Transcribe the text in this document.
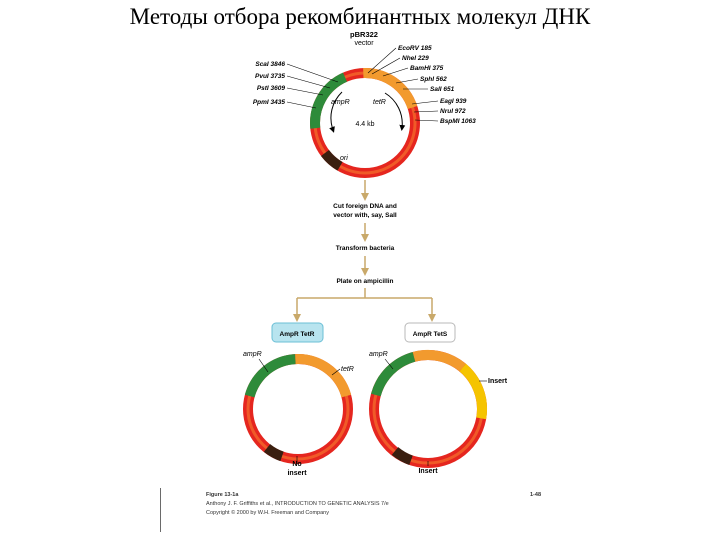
Методы отбора рекомбинантных молекул ДНК
ampR	tetR
4.4 kb
ori
pBR322
vector
ScaI 3846
PvuI 3735
PstI 3609
PpmI 3435
EcoRV 185
NheI 229
BamHI 375
SphI 562
SalI 651
EagI 939
NruI 972
BspMI 1063
Cut foreign DNA and
vector with, say, SalI
Transform bacteria
Plate on ampicillin
AmpR TetR	AmpR TetS
ampR
tetR
No
insert
ampR
Insert
Insert
Figure 13-1a
Anthony J. F. Griffiths et al., INTRODUCTION TO GENETIC ANALYSIS 7/e
Copyright © 2000 by W.H. Freeman and Company
1-48
